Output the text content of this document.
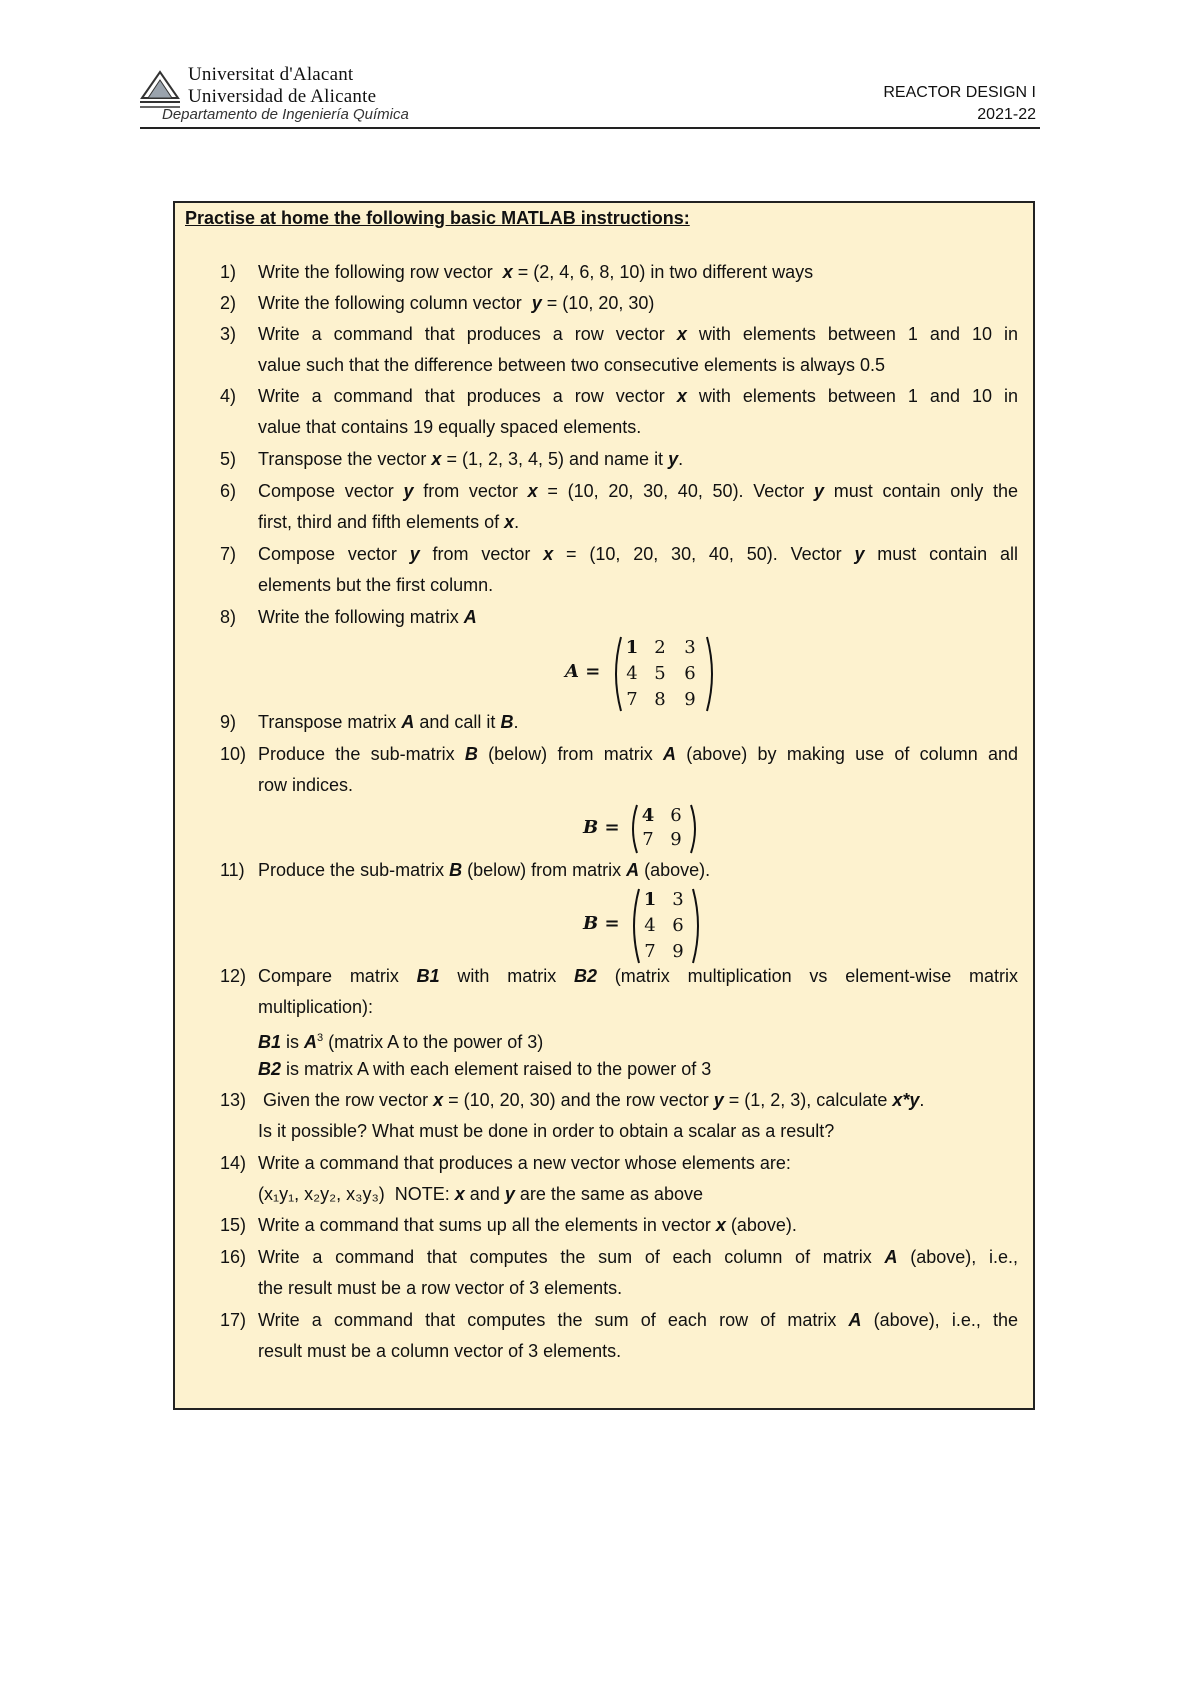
Universitat d'Alacant
Universidad de Alicante
Departamento de Ingeniería Química
REACTOR DESIGN I
2021-22
Practise at home the following basic MATLAB instructions:
1)	Write the following row vector  x = (2, 4, 6, 8, 10) in two different ways
2)	Write the following column vector  y = (10, 20, 30)
3)	Write a command that produces a row vector x with elements between 1 and 10 in
value such that the difference between two consecutive elements is always 0.5
4)	Write a command that produces a row vector x with elements between 1 and 10 in
value that contains 19 equally spaced elements.
5)	Transpose the vector x = (1, 2, 3, 4, 5) and name it y.
6)	Compose vector y from vector x = (10, 20, 30, 40, 50). Vector y must contain only the
first, third and fifth elements of x.
7)	Compose vector y from vector x = (10, 20, 30, 40, 50). Vector y must contain all
elements but the first column.
8)	Write the following matrix A
A =
1 2	3
4 5	6
7 8	9
9)	Transpose matrix A and call it B.
10) Produce the sub-matrix B (below) from matrix A (above) by making use of column and
row indices.
B =
4 6
7 9
11) Produce the sub-matrix B (below) from matrix A (above).
B =
1 3
4 6
7 9
12) Compare matrix B1 with matrix B2 (matrix multiplication vs element-wise matrix
multiplication):
B1 is $A^3$ (matrix A to the power of 3)
B2 is matrix A with each element raised to the power of 3
13) Given the row vector x = (10, 20, 30) and the row vector y = (1, 2, 3), calculate x*y.
Is it possible? What must be done in order to obtain a scalar as a result?
14) Write a command that produces a new vector whose elements are:
(x₁y₁, x₂y₂, x₃y₃)  NOTE: x and y are the same as above
15) Write a command that sums up all the elements in vector x (above).
16) Write a command that computes the sum of each column of matrix A (above), i.e.,
the result must be a row vector of 3 elements.
17) Write a command that computes the sum of each row of matrix A (above), i.e., the
result must be a column vector of 3 elements.
